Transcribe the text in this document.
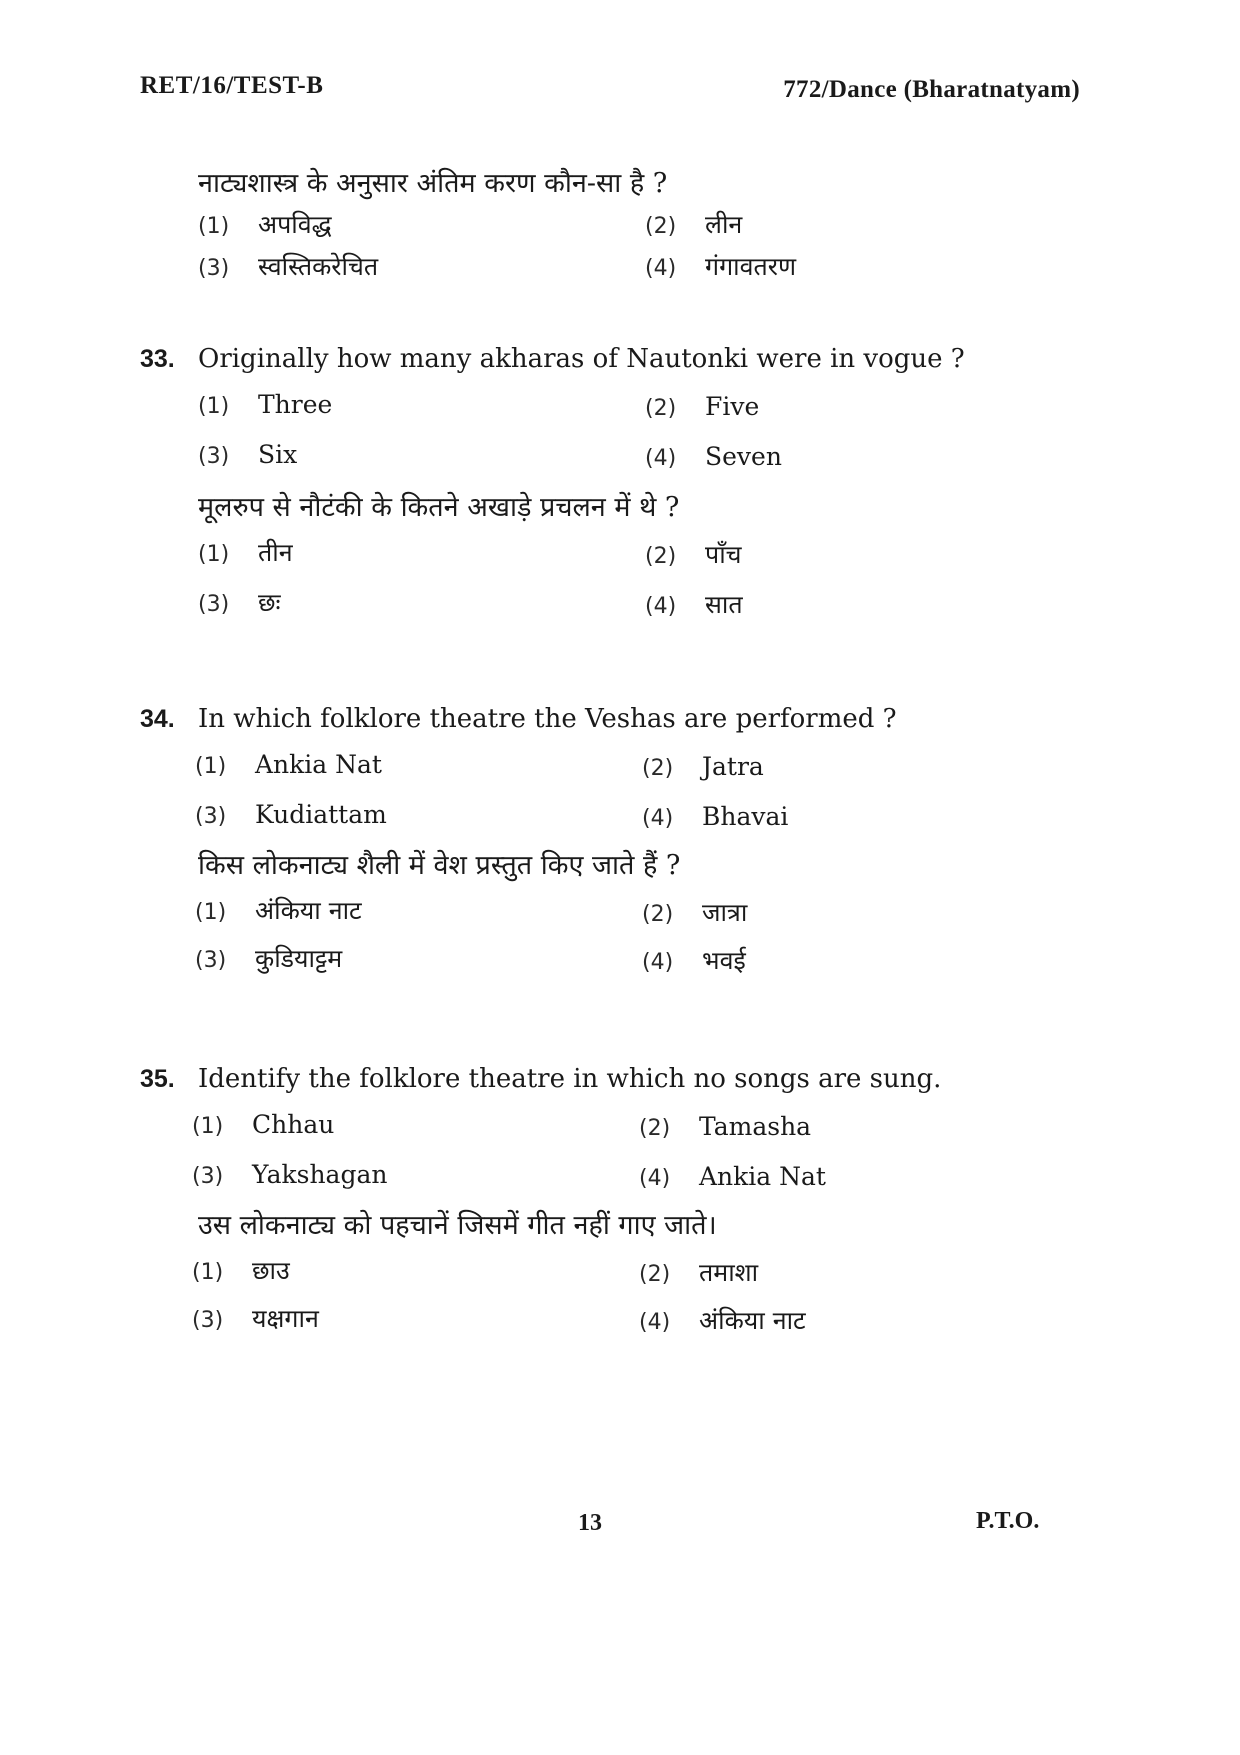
RET/16/TEST-B	772/Dance (Bharatnatyam)
नाट्यशास्त्र के अनुसार अंतिम करण कौन-सा है ?
(1) अपविद्ध	(2) लीन
(3) स्वस्तिकरेचित	(4) गंगावतरण
33. Originally how many akharas of Nautonki were in vogue ?
(1) Three	(2) Five
(3) Six	(4) Seven
मूलरुप से नौटंकी के कितने अखाड़े प्रचलन में थे ?
(1) तीन	(2) पाँच
(3) छः	(4) सात
34. In which folklore theatre the Veshas are performed ?
(1) Ankia Nat	(2) Jatra
(3) Kudiattam	(4) Bhavai
किस लोकनाट्य शैली में वेश प्रस्तुत किए जाते हैं ?
(1) अंकिया नाट	(2) जात्रा
(3) कुडियाट्टम	(4) भवई
35. Identify the folklore theatre in which no songs are sung.
(1) Chhau	(2) Tamasha
(3) Yakshagan	(4) Ankia Nat
उस लोकनाट्य को पहचानें जिसमें गीत नहीं गाए जाते।
(1) छाउ	(2) तमाशा
(3) यक्षगान	(4) अंकिया नाट
13	P.T.O.
